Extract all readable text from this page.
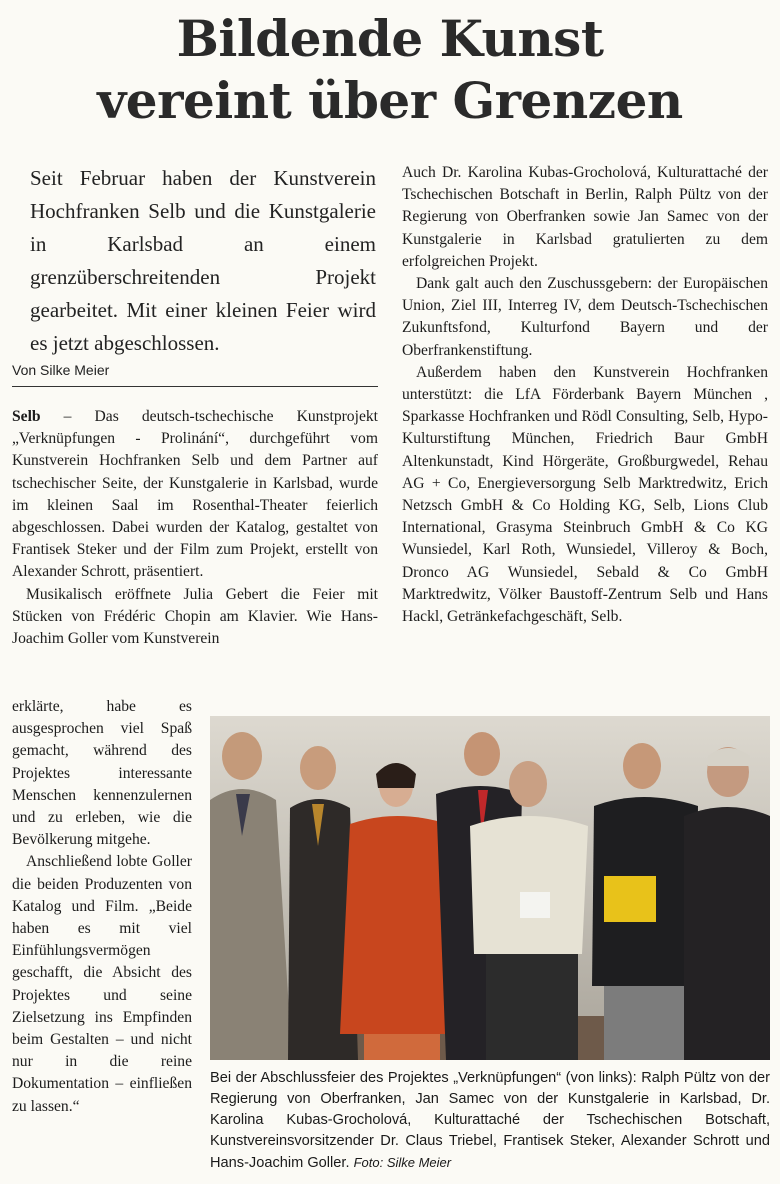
Bildende Kunst
vereint über Grenzen
Seit Februar haben der Kunstverein Hochfranken Selb und die Kunstgalerie in Karlsbad an einem grenzüberschreitenden Projekt gearbeitet. Mit einer kleinen Feier wird es jetzt abgeschlossen.
Von Silke Meier

Selb – Das deutsch-tschechische Kunstprojekt „Verknüpfungen - Prolinání“, durchgeführt vom Kunstverein Hochfranken Selb und dem Partner auf tschechischer Seite, der Kunstgalerie in Karlsbad, wurde im kleinen Saal im Rosenthal-Theater feierlich abgeschlossen. Dabei wurden der Katalog, gestaltet von Frantisek Steker und der Film zum Projekt, erstellt von Alexander Schrott, präsentiert.

Musikalisch eröffnete Julia Gebert die Feier mit Stücken von Frédéric Chopin am Klavier. Wie Hans-Joachim Goller vom Kunstverein

erklärte, habe es ausgesprochen viel Spaß gemacht, während des Projektes interessante Menschen kennenzulernen und zu erleben, wie die Bevölkerung mitgehe.

Anschließend lobte Goller die beiden Produzenten von Katalog und Film. „Beide haben es mit viel Einfühlungsvermögen geschafft, die Absicht des Projektes und seine Zielsetzung ins Empfinden beim Gestalten – und nicht nur in die reine Dokumentation – einfließen zu lassen.“

Auch Dr. Karolina Kubas-Grocholová, Kulturattaché der Tschechischen Botschaft in Berlin, Ralph Pültz von der Regierung von Oberfranken sowie Jan Samec von der Kunstgalerie in Karlsbad gratulierten zu dem erfolgreichen Projekt.

Dank galt auch den Zuschussgebern: der Europäischen Union, Ziel III, Interreg IV, dem Deutsch-Tschechischen Zukunftsfond, Kulturfond Bayern und der Oberfrankenstiftung.

Außerdem haben den Kunstverein Hochfranken unterstützt: die LfA Förderbank Bayern München , Sparkasse Hochfranken und Rödl Consulting, Selb, Hypo-Kulturstiftung München, Friedrich Baur GmbH Altenkunstadt, Kind Hörgeräte, Großburgwedel, Rehau AG + Co, Energieversorgung Selb Marktredwitz, Erich Netzsch GmbH & Co Holding KG, Selb, Lions Club International, Grasyma Steinbruch GmbH & Co KG Wunsiedel, Karl Roth, Wunsiedel, Villeroy & Boch, Dronco AG Wunsiedel, Sebald & Co GmbH Marktredwitz, Völker Baustoff-Zentrum Selb und Hans Hackl, Getränkefachgeschäft, Selb.

Bei der Abschlussfeier des Projektes „Verknüpfungen“ (von links): Ralph Pültz von der Regierung von Oberfranken, Jan Samec von der Kunstgalerie in Karlsbad, Dr. Karolina Kubas-Grocholová, Kulturattaché der Tschechischen Botschaft, Kunstvereinsvorsitzender Dr. Claus Triebel, Frantisek Steker, Alexander Schrott und Hans-Joachim Goller. Foto: Silke Meier
